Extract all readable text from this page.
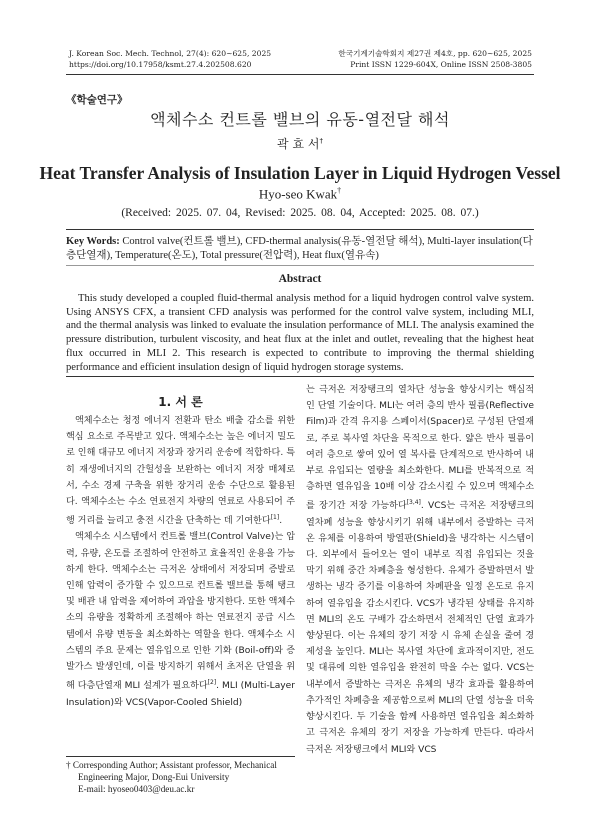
J. Korean Soc. Mech. Technol, 27(4): 620~625, 2025
https://doi.org/10.17958/ksmt.27.4.202508.620
한국기계기술학회지 제27권 제4호, pp. 620~625, 2025
Print ISSN 1229-604X, Online ISSN 2508-3805
《학술연구》
액체수소 컨트롤 밸브의 유동-열전달 해석
곽 효 서†
Heat Transfer Analysis of Insulation Layer in Liquid Hydrogen Vessel
Hyo-seo Kwak†
(Received: 2025. 07. 04, Revised: 2025. 08. 04, Accepted: 2025. 08. 07.)
Key Words: Control valve(컨트롤 밸브), CFD-thermal analysis(유동-열전달 해석), Multi-layer insulation(다층단열재), Temperature(온도), Total pressure(전압력), Heat flux(열유속)
Abstract
This study developed a coupled fluid-thermal analysis method for a liquid hydrogen control valve system. Using ANSYS CFX, a transient CFD analysis was performed for the control valve system, including MLI, and the thermal analysis was linked to evaluate the insulation performance of MLI. The analysis examined the pressure distribution, turbulent viscosity, and heat flux at the inlet and outlet, revealing that the highest heat flux occurred in MLI 2. This research is expected to contribute to improving the thermal shielding performance and efficient insulation design of liquid hydrogen storage systems.
1. 서 론

액체수소는 청정 에너지 전환과 탄소 배출 감소를 위한 핵심 요소로 주목받고 있다. 액체수소는 높은 에너지 밀도로 인해 대규모 에너지 저장과 장거리 운송에 적합하다. 특히 재생에너지의 간헐성을 보완하는 에너지 저장 매체로서, 수소 경제 구축을 위한 장거리 운송 수단으로 활용된다. 액체수소는 수소 연료전지 차량의 연료로 사용되어 주행 거리를 늘리고 충전 시간을 단축하는 데 기여한다[1].

액체수소 시스템에서 컨트롤 밸브(Control Valve)는 압력, 유량, 온도를 조절하여 안전하고 효율적인 운용을 가능하게 한다. 액체수소는 극저온 상태에서 저장되며 증발로 인해 압력이 증가할 수 있으므로 컨트롤 밸브를 통해 탱크 및 배관 내 압력을 제어하여 과압을 방지한다. 또한 액체수소의 유량을 정확하게 조절해야 하는 연료전지 공급 시스템에서 유량 변동을 최소화하는 역할을 한다. 액체수소 시스템의 주요 문제는 열유입으로 인한 기화 (Boil-off)와 증발가스 발생인데, 이를 방지하기 위해서 초저온 단열을 위해 다층단열재 MLI 설계가 필요하다[2]. MLI (Multi-Layer Insulation)와 VCS(Vapor-Cooled Shield)

는 극저온 저장탱크의 열차단 성능을 향상시키는 핵심적인 단열 기술이다. MLI는 여러 층의 반사 필름(Reflective Film)과 간격 유지용 스페이서(Spacer)로 구성된 단열재로, 주로 복사열 차단을 목적으로 한다. 얇은 반사 필름이 여러 층으로 쌓여 있어 열 복사를 단계적으로 반사하여 내부로 유입되는 열량을 최소화한다. MLI를 반복적으로 적층하면 열유입을 10배 이상 감소시킬 수 있으며 액체수소를 장기간 저장 가능하다[3,4]. VCS는 극저온 저장탱크의 열차폐 성능을 향상시키기 위해 내부에서 증발하는 극저온 유체를 이용하여 방열판(Shield)을 냉각하는 시스템이다. 외부에서 들어오는 열이 내부로 직접 유입되는 것을 막기 위해 중간 차폐층을 형성한다. 유체가 증발하면서 발생하는 냉각 증기를 이용하여 차폐판을 일정 온도로 유지하여 열유입을 감소시킨다. VCS가 냉각된 상태를 유지하면 MLI의 온도 구배가 감소하면서 전체적인 단열 효과가 향상된다. 이는 유체의 장기 저장 시 유체 손실을 줄여 경제성을 높인다. MLI는 복사열 차단에 효과적이지만, 전도 및 대류에 의한 열유입을 완전히 막을 수는 없다. VCS는 내부에서 증발하는 극저온 유체의 냉각 효과를 활용하여 추가적인 차폐층을 제공함으로써 MLI의 단열 성능을 더욱 향상시킨다. 두 기술을 함께 사용하면 열유입을 최소화하고 극저온 유체의 장기 저장을 가능하게 만든다. 따라서 극저온 저장탱크에서 MLI와 VCS

† Corresponding Author; Assistant professor, Mechanical
Engineering Major, Dong-Eui University
E-mail: hyoseo0403@deu.ac.kr
